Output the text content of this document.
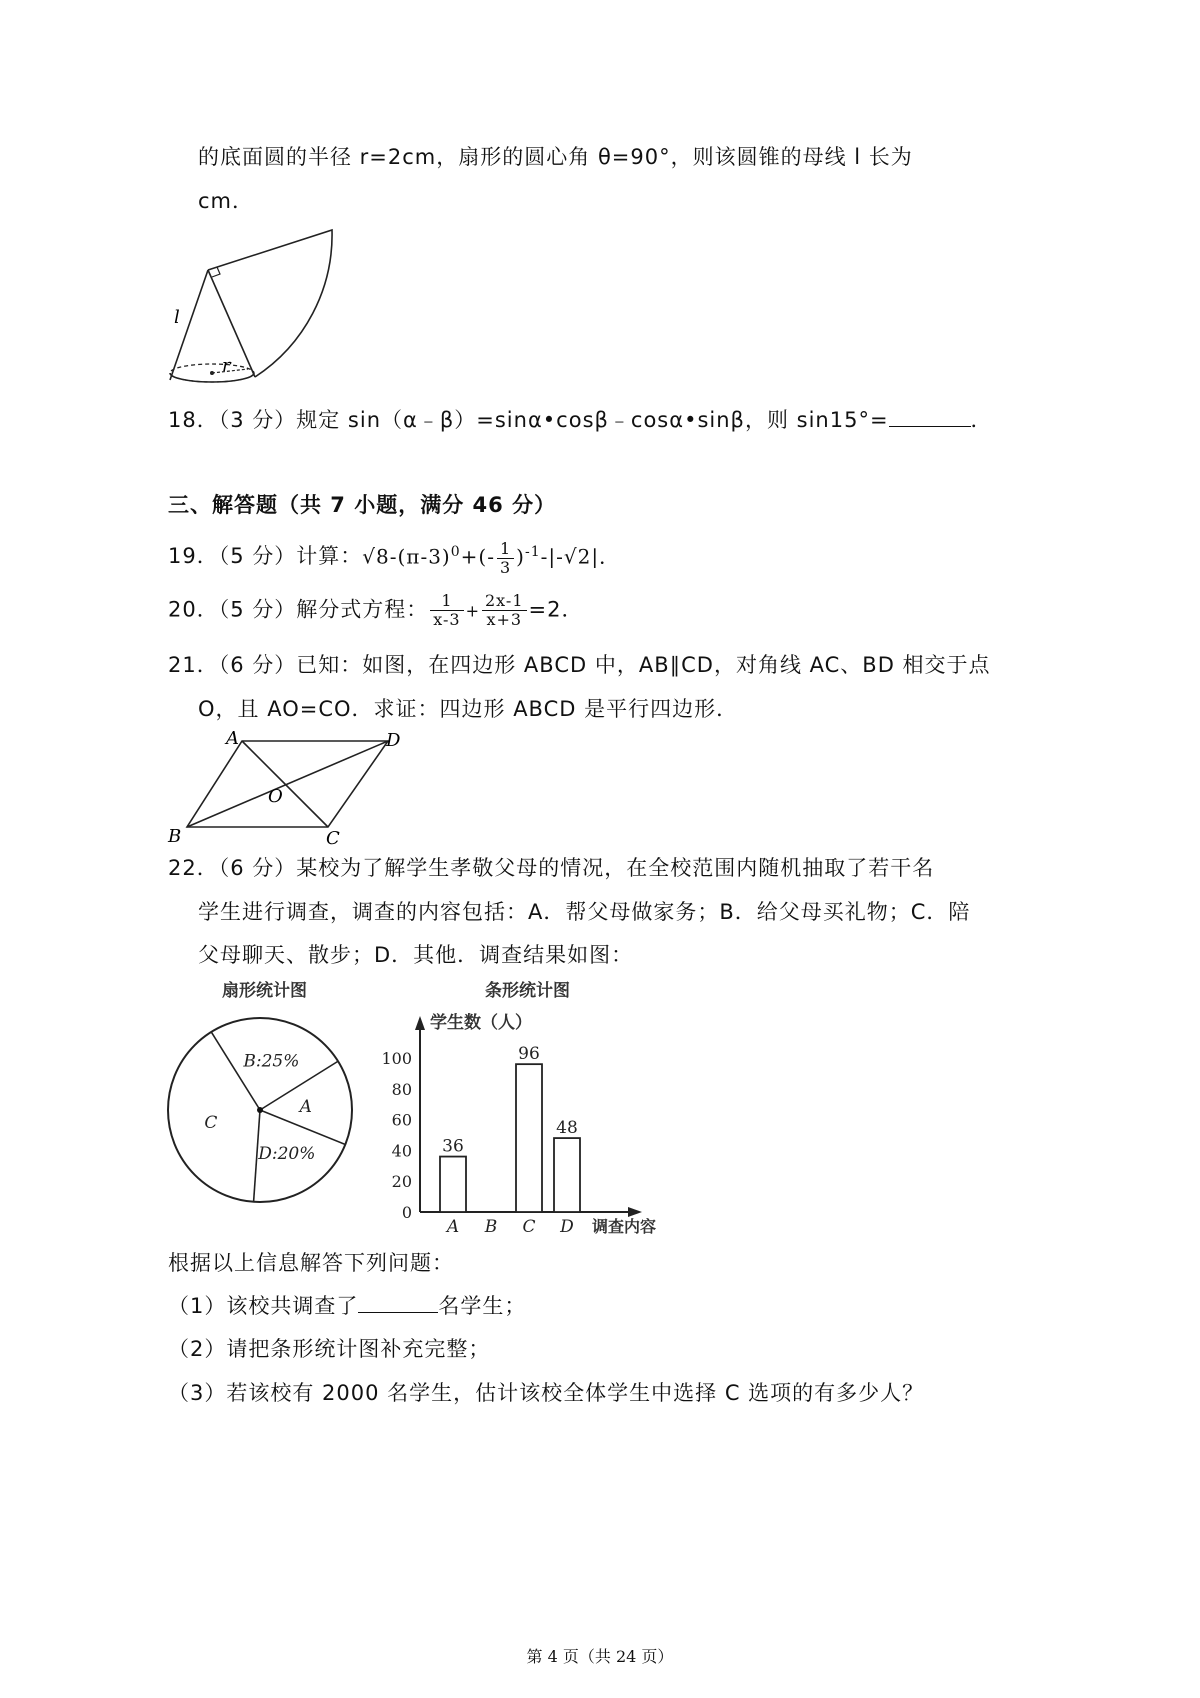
的底面圆的半径 r=2cm，扇形的圆心角 θ=90°，则该圆锥的母线 l 长为
cm．
l
r
18．（3 分）规定 sin（α﹣β）=sinα•cosβ﹣cosα•sinβ，则 sin15°=	．
三、解答题（共 7 小题，满分 46 分）
19．（5 分）计算：$√8-(\pi-3)^0+(- \frac{1}{3} )^{-1}-|-√2|$．
20．（5 分）解分式方程： $\frac{1}{x-3} + \frac{2x-1}{x+3} =2$．
21．（6 分）已知：如图，在四边形 ABCD 中，AB∥CD，对角线 AC、BD 相交于点
O，且 AO=CO．求证：四边形 ABCD 是平行四边形．
A	D
B	C
O
22．（6 分）某校为了解学生孝敬父母的情况，在全校范围内随机抽取了若干名
学生进行调查，调查的内容包括：A．帮父母做家务；B．给父母买礼物；C．陪
父母聊天、散步；D．其他．调查结果如图：
扇形统计图
B:25%
A
D:20%
C
条形统计图
学生数（人）
0
20
40
60
80
100
36
A B
96
C
48
D 调查内容
根据以上信息解答下列问题：
（1）该校共调查了	名学生；
（2）请把条形统计图补充完整；
（3）若该校有 2000 名学生，估计该校全体学生中选择 C 选项的有多少人？
第 4 页（共 24 页）
